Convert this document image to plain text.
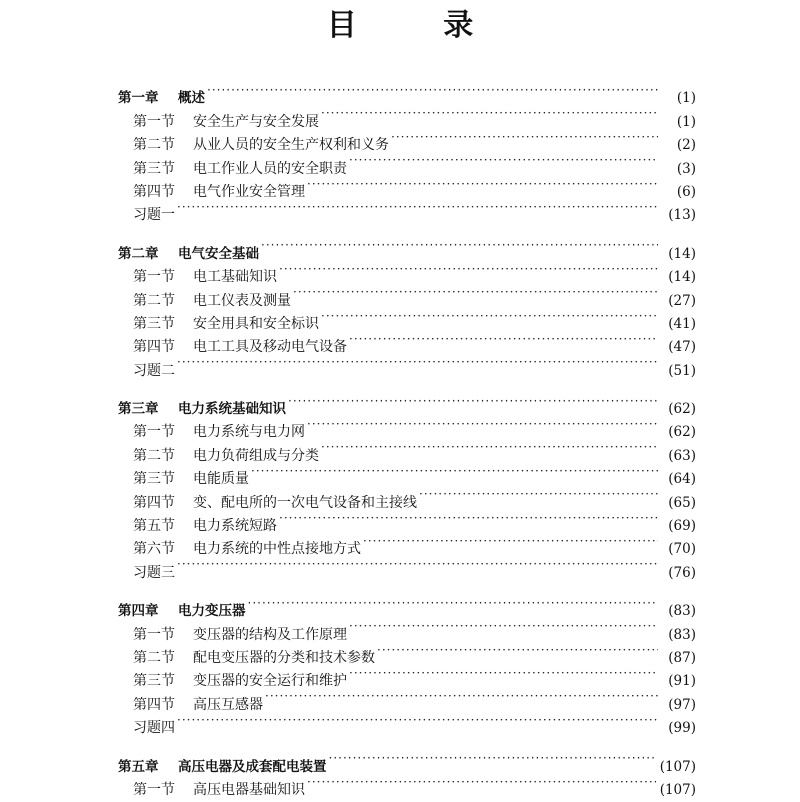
目 录
第一章	概述 ·····	(1)
第一节	安全生产与安全发展 ·····	(1)
第二节	从业人员的安全生产权利和义务 ·····	(2)
第三节	电工作业人员的安全职责 ·····	(3)
第四节	电气作业安全管理 ·····	(6)
习题一 ·····	(13)
第二章	电气安全基础 ·····	(14)
第一节	电工基础知识 ·····	(14)
第二节	电工仪表及测量 ·····	(27)
第三节	安全用具和安全标识 ·····	(41)
第四节	电工工具及移动电气设备 ·····	(47)
习题二 ·····	(51)
第三章	电力系统基础知识 ·····	(62)
第一节	电力系统与电力网 ·····	(62)
第二节	电力负荷组成与分类 ·····	(63)
第三节	电能质量 ·····	(64)
第四节	变、配电所的一次电气设备和主接线 ·····	(65)
第五节	电力系统短路 ·····	(69)
第六节	电力系统的中性点接地方式 ·····	(70)
习题三 ·····	(76)
第四章	电力变压器 ·····	(83)
第一节	变压器的结构及工作原理 ·····	(83)
第二节	配电变压器的分类和技术参数 ·····	(87)
第三节	变压器的安全运行和维护 ·····	(91)
第四节	高压互感器 ·····	(97)
习题四 ·····	(99)
第五章	高压电器及成套配电装置 ·····	(107)
第一节	高压电器基础知识 ·····	(107)
